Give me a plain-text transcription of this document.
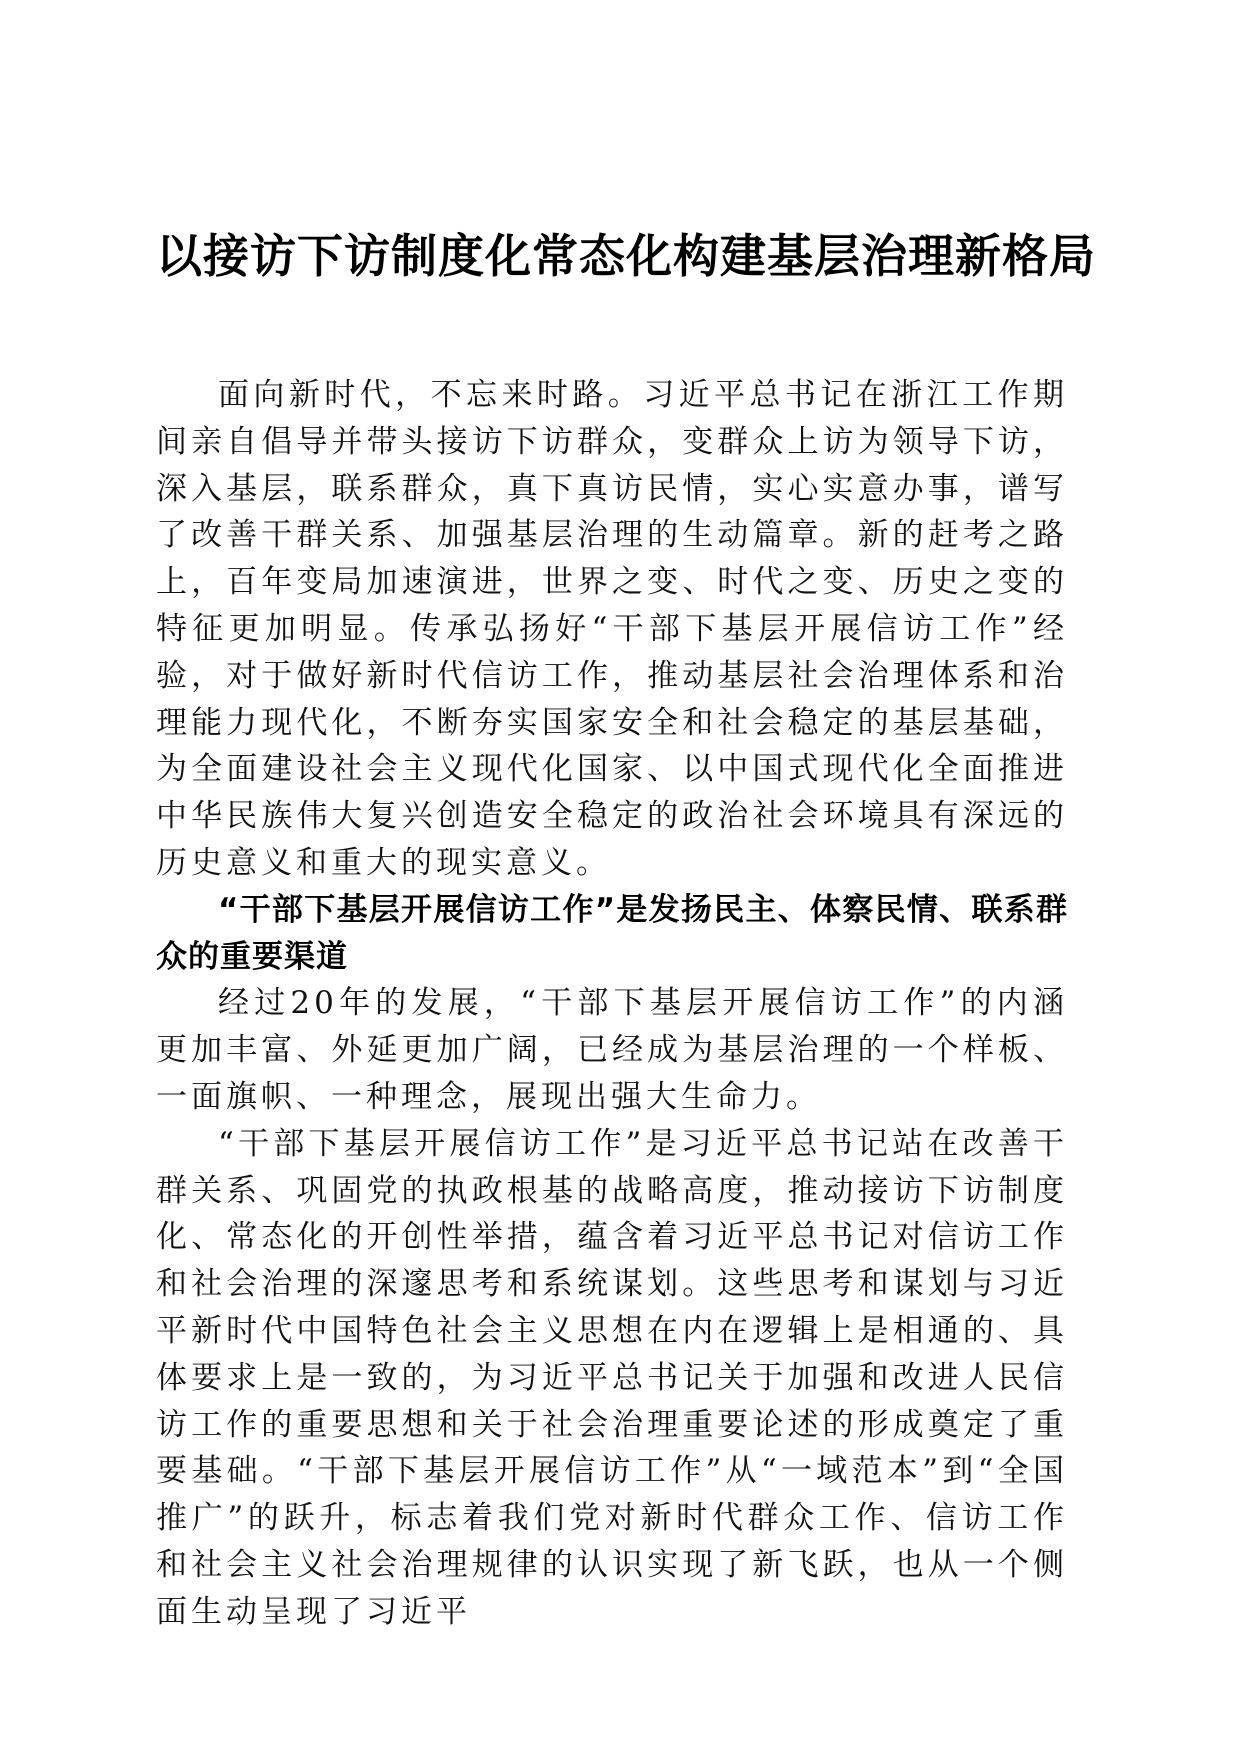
以接访下访制度化常态化构建基层治理新格局

面向新时代，不忘来时路。习近平总书记在浙江工作期间亲自倡导并带头接访下访群众，变群众上访为领导下访，深入基层，联系群众，真下真访民情，实心实意办事，谱写了改善干群关系、加强基层治理的生动篇章。新的赶考之路上，百年变局加速演进，世界之变、时代之变、历史之变的特征更加明显。传承弘扬好“干部下基层开展信访工作”经验，对于做好新时代信访工作，推动基层社会治理体系和治理能力现代化，不断夯实国家安全和社会稳定的基层基础，为全面建设社会主义现代化国家、以中国式现代化全面推进中华民族伟大复兴创造安全稳定的政治社会环境具有深远的历史意义和重大的现实意义。

“干部下基层开展信访工作”是发扬民主、体察民情、联系群众的重要渠道

经过20年的发展，“干部下基层开展信访工作”的内涵更加丰富、外延更加广阔，已经成为基层治理的一个样板、一面旗帜、一种理念，展现出强大生命力。

“干部下基层开展信访工作”是习近平总书记站在改善干群关系、巩固党的执政根基的战略高度，推动接访下访制度化、常态化的开创性举措，蕴含着习近平总书记对信访工作和社会治理的深邃思考和系统谋划。这些思考和谋划与习近平新时代中国特色社会主义思想在内在逻辑上是相通的、具体要求上是一致的，为习近平总书记关于加强和改进人民信访工作的重要思想和关于社会治理重要论述的形成奠定了重要基础。“干部下基层开展信访工作”从“一域范本”到“全国推广”的跃升，标志着我们党对新时代群众工作、信访工作和社会主义社会治理规律的认识实现了新飞跃，也从一个侧面生动呈现了习近平
